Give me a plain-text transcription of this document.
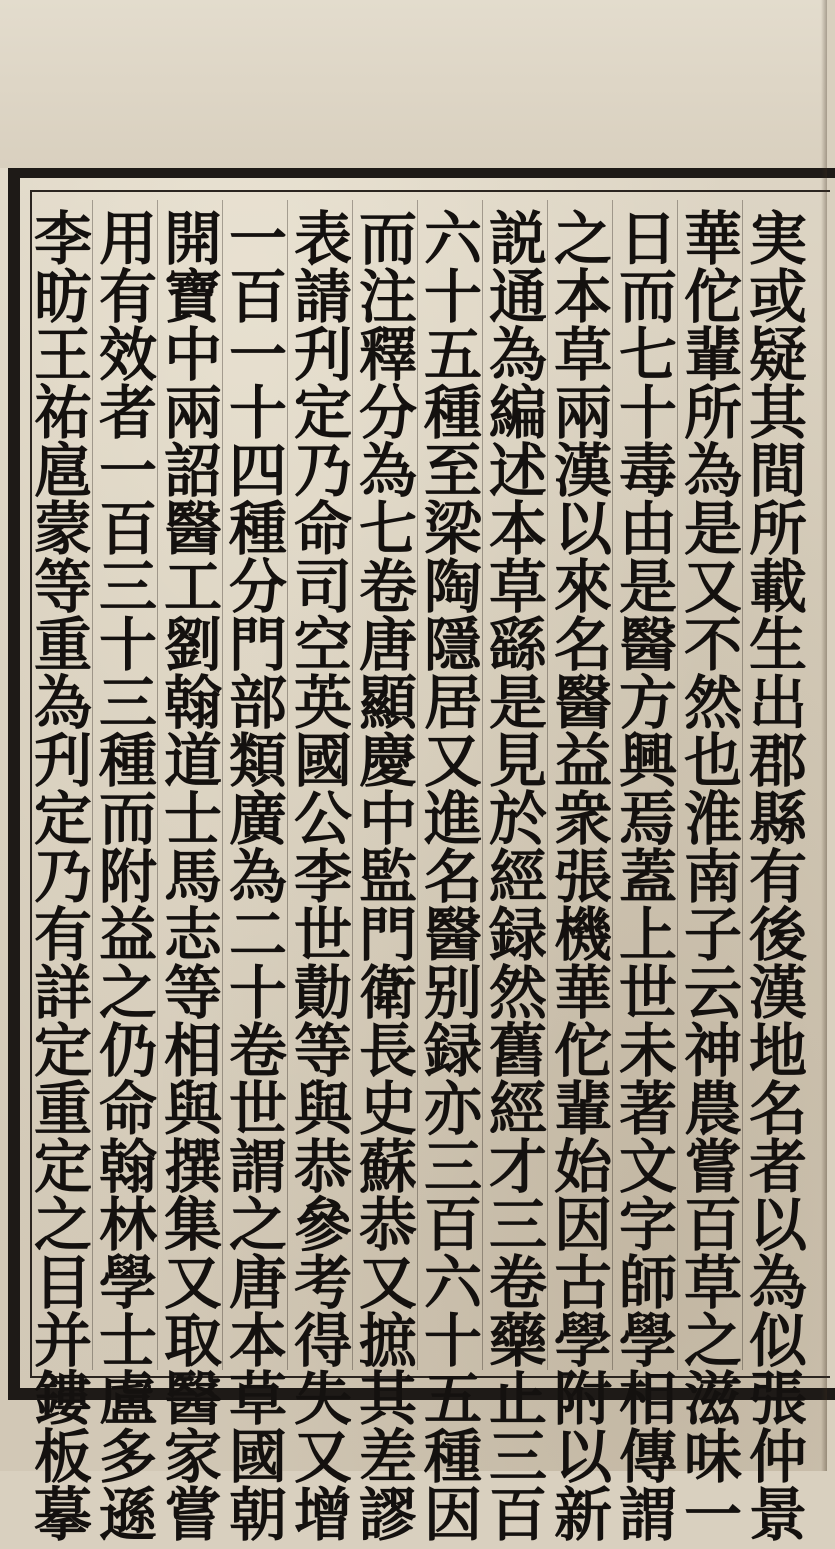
実
或
疑
其
間
所
載
生
出
郡
縣
有
後
漢
地
名
者
以
為
似
張
仲
景
華
佗
輩
所
為
是
又
不
然
也
淮
南
子
云
神
農
嘗
百
草
之
滋
味
一
日
而
七
十
毒
由
是
醫
方
興
焉
蓋
上
世
未
著
文
字
師
學
相
傳
謂
之
本
草
兩
漢
以
來
名
醫
益
衆
張
機
華
佗
輩
始
因
古
學
附
以
新
説
通
為
編
述
本
草
繇
是
見
於
經
録
然
舊
經
才
三
卷
藥
止
三
百
六
十
五
種
至
梁
陶
隱
居
又
進
名
醫
别
録
亦
三
百
六
十
五
種
因
而
注
釋
分
為
七
卷
唐
顯
慶
中
監
門
衛
長
史
蘇
恭
又
摭
其
差
謬
表
請
刋
定
乃
命
司
空
英
國
公
李
世
勣
等
與
恭
參
考
得
失
又
增
一
百
一
十
四
種
分
門
部
類
廣
為
二
十
卷
世
謂
之
唐
本
草
國
朝
開
寶
中
兩
詔
醫
工
劉
翰
道
士
馬
志
等
相
與
撰
集
又
取
醫
家
嘗
用
有
效
者
一
百
三
十
三
種
而
附
益
之
仍
命
翰
林
學
士
盧
多
遜
李
昉
王
祐
扈
蒙
等
重
為
刋
定
乃
有
詳
定
重
定
之
目
并
鏤
板
摹
